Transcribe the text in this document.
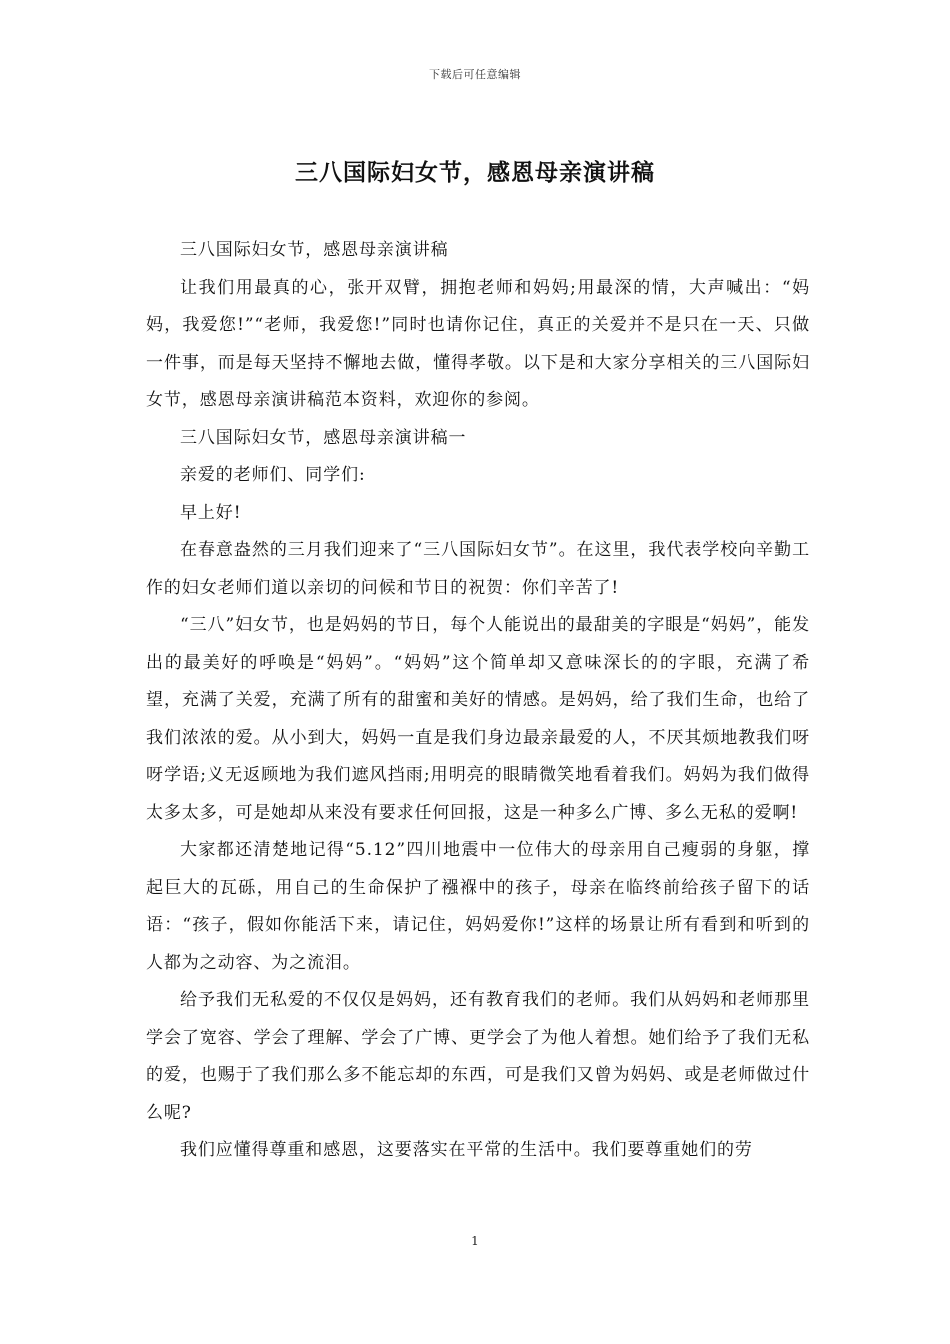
下载后可任意编辑
三八国际妇女节，感恩母亲演讲稿

三八国际妇女节，感恩母亲演讲稿

让我们用最真的心，张开双臂，拥抱老师和妈妈;用最深的情，大声喊出：“妈妈，我爱您!”“老师，我爱您!”同时也请你记住，真正的关爱并不是只在一天、只做一件事，而是每天坚持不懈地去做，懂得孝敬。以下是和大家分享相关的三八国际妇女节，感恩母亲演讲稿范本资料，欢迎你的参阅。

三八国际妇女节，感恩母亲演讲稿一

亲爱的老师们、同学们:

早上好!

在春意盎然的三月我们迎来了“三八国际妇女节”。在这里，我代表学校向辛勤工作的妇女老师们道以亲切的问候和节日的祝贺：你们辛苦了!

“三八”妇女节，也是妈妈的节日，每个人能说出的最甜美的字眼是“妈妈”，能发出的最美好的呼唤是“妈妈”。“妈妈”这个简单却又意味深长的的字眼，充满了希望，充满了关爱，充满了所有的甜蜜和美好的情感。是妈妈，给了我们生命，也给了我们浓浓的爱。从小到大，妈妈一直是我们身边最亲最爱的人，不厌其烦地教我们呀呀学语;义无返顾地为我们遮风挡雨;用明亮的眼睛微笑地看着我们。妈妈为我们做得太多太多，可是她却从来没有要求任何回报，这是一种多么广博、多么无私的爱啊!

大家都还清楚地记得“5.12”四川地震中一位伟大的母亲用自己瘦弱的身躯，撑起巨大的瓦砾，用自己的生命保护了襁褓中的孩子，母亲在临终前给孩子留下的话语：“孩子，假如你能活下来，请记住，妈妈爱你!”这样的场景让所有看到和听到的人都为之动容、为之流泪。

给予我们无私爱的不仅仅是妈妈，还有教育我们的老师。我们从妈妈和老师那里学会了宽容、学会了理解、学会了广博、更学会了为他人着想。她们给予了我们无私的爱，也赐于了我们那么多不能忘却的东西，可是我们又曾为妈妈、或是老师做过什么呢?

我们应懂得尊重和感恩，这要落实在平常的生活中。我们要尊重她们的劳

1
